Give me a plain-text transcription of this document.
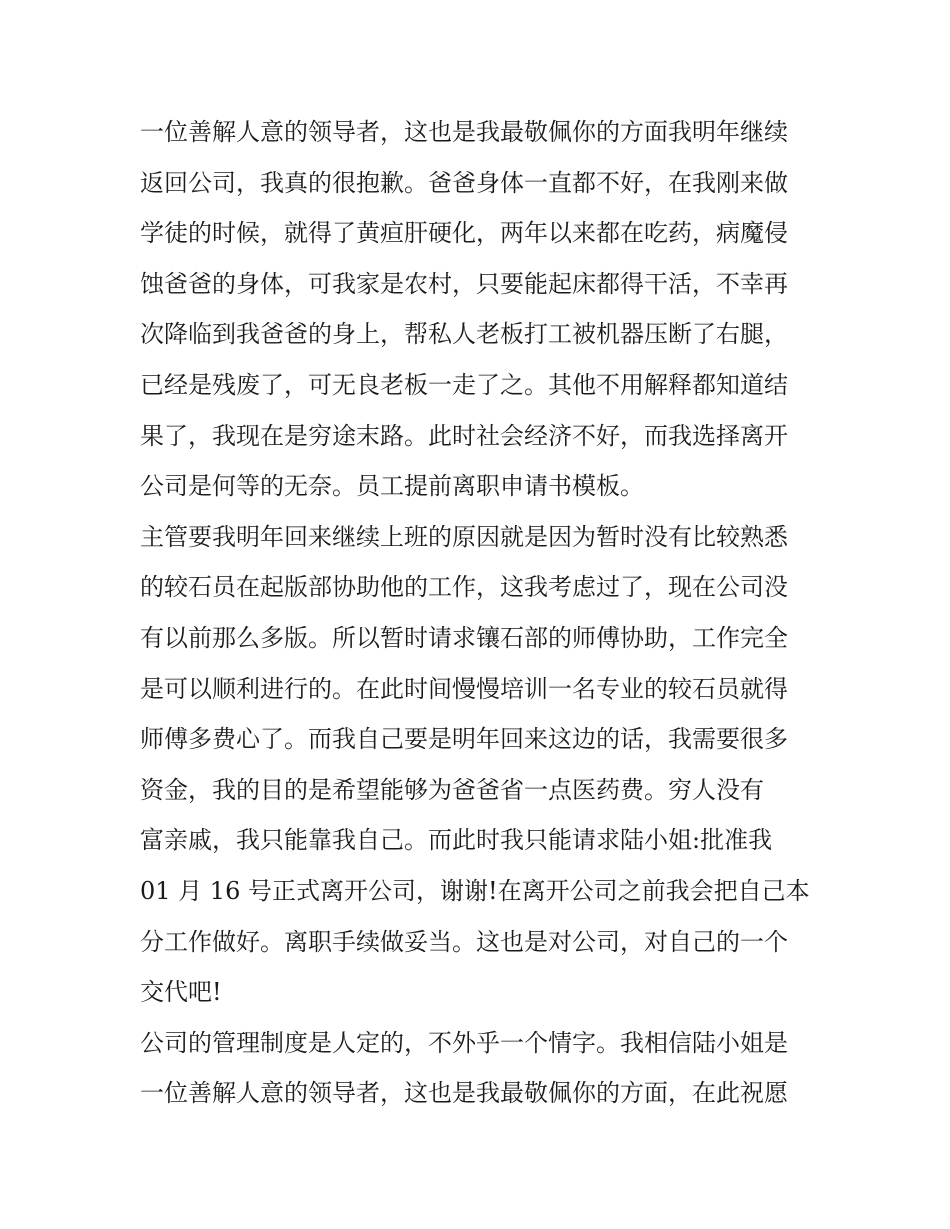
一位善解人意的领导者，这也是我最敬佩你的方面我明年继续

返回公司，我真的很抱歉。爸爸身体一直都不好，在我刚来做

学徒的时候，就得了黄疸肝硬化，两年以来都在吃药，病魔侵

蚀爸爸的身体，可我家是农村，只要能起床都得干活，不幸再

次降临到我爸爸的身上，帮私人老板打工被机器压断了右腿，

已经是残废了，可无良老板一走了之。其他不用解释都知道结

果了，我现在是穷途末路。此时社会经济不好，而我选择离开

公司是何等的无奈。员工提前离职申请书模板。

主管要我明年回来继续上班的原因就是因为暂时没有比较熟悉

的较石员在起版部协助他的工作，这我考虑过了，现在公司没

有以前那么多版。所以暂时请求镶石部的师傅协助，工作完全

是可以顺利进行的。在此时间慢慢培训一名专业的较石员就得

师傅多费心了。而我自己要是明年回来这边的话，我需要很多

资金，我的目的是希望能够为爸爸省一点医药费。穷人没有

富亲戚，我只能靠我自己。而此时我只能请求陆小姐:批准我

01 月 16 号正式离开公司，谢谢!在离开公司之前我会把自己本

分工作做好。离职手续做妥当。这也是对公司，对自己的一个

交代吧!

公司的管理制度是人定的，不外乎一个情字。我相信陆小姐是

一位善解人意的领导者，这也是我最敬佩你的方面，在此祝愿
